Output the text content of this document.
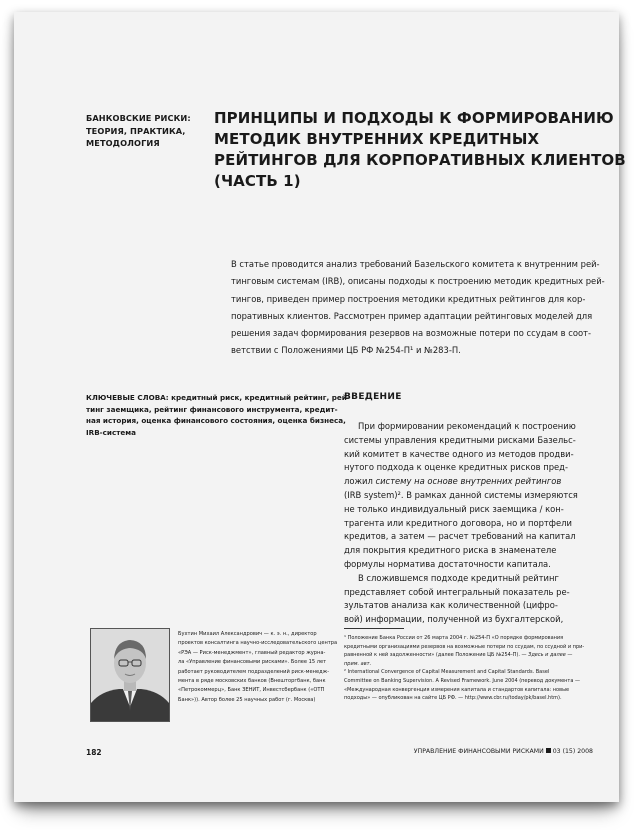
БАНКОВСКИЕ РИСКИ:
ТЕОРИЯ, ПРАКТИКА,
МЕТОДОЛОГИЯ
ПРИНЦИПЫ И ПОДХОДЫ К ФОРМИРОВАНИЮ
МЕТОДИК ВНУТРЕННИХ КРЕДИТНЫХ
РЕЙТИНГОВ ДЛЯ КОРПОРАТИВНЫХ КЛИЕНТОВ
(ЧАСТЬ 1)
В статье проводится анализ требований Базельского комитета к внутренним рей-
тинговым системам (IRB), описаны подходы к построению методик кредитных рей-
тингов, приведен пример построения методики кредитных рейтингов для кор-
поративных клиентов. Рассмотрен пример адаптации рейтинговых моделей для
решения задач формирования резервов на возможные потери по ссудам в соот-
ветствии с Положениями ЦБ РФ №254-П¹ и №283-П.
КЛЮЧЕВЫЕ СЛОВА: кредитный риск, кредитный рейтинг, рей-
тинг заемщика, рейтинг финансового инструмента, кредит-
ная история, оценка финансового состояния, оценка бизнеса,
IRB-система
ВВЕДЕНИЕ
При формировании рекомендаций к построению
системы управления кредитными рисками Базельс-
кий комитет в качестве одного из методов продви-
нутого подхода к оценке кредитных рисков пред-
ложил систему на основе внутренних рейтингов
(IRB system)². В рамках данной системы измеряются
не только индивидуальный риск заемщика / кон-
трагента или кредитного договора, но и портфели
кредитов, а затем — расчет требований на капитал
для покрытия кредитного риска в знаменателе
формулы норматива достаточности капитала.
В сложившемся подходе кредитный рейтинг
представляет собой интегральный показатель ре-
зультатов анализа как количественной (цифро-
вой) информации, полученной из бухгалтерской,
Бухтин Михаил Александрович — к. э. н., директор
проектов консалтинга научно-исследовательского центра
«РЭА — Риск-менеджмент», главный редактор журна-
ла «Управление финансовыми рисками». Более 15 лет
работает руководителем подразделений риск-менедж-
мента в ряде московских банков (Внешторгбанк, банк
«Петрокоммерц», Банк ЗЕНИТ, Инвестсбербанк («ОТП
Банк»)). Автор более 25 научных работ (г. Москва)
¹ Положение Банка России от 26 марта 2004 г. №254-П «О порядке формирования
кредитными организациями резервов на возможные потери по ссудам, по ссудной и при-
равненной к ней задолженности» (далее Положение ЦБ №254-П). — Здесь и далее —
прим. авт.
² International Convergence of Capital Measurement and Capital Standards. Basel
Committee on Banking Supervision. A Revised Framework. June 2004 (перевод документа —
«Международная конвергенция измерения капитала и стандартов капитала: новые
подходы» — опубликован на сайте ЦБ РФ. — http://www.cbr.ru/today/pk/basel.htm).
182	УПРАВЛЕНИЕ ФИНАНСОВЫМИ РИСКАМИ 03 (15) 2008
